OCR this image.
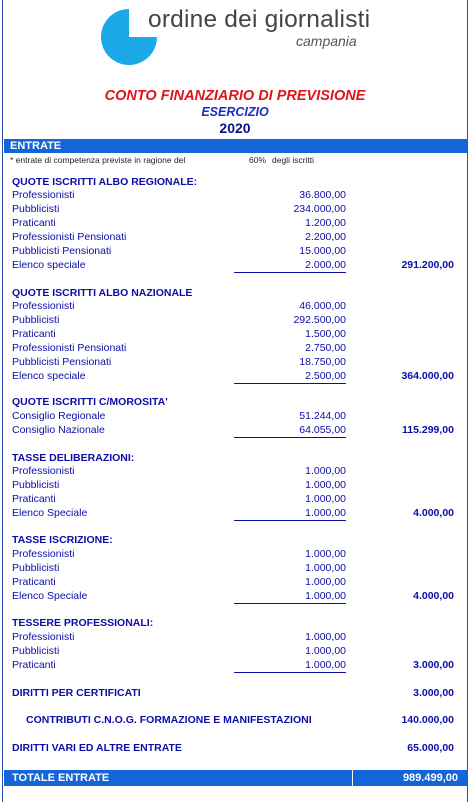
ordine dei giornalisti
campania
CONTO FINANZIARIO DI PREVISIONE
ESERCIZIO
2020
ENTRATE
* entrate di competenza previste in ragione del	60% degli iscritti
QUOTE ISCRITTI ALBO REGIONALE:
Professionisti	36.800,00
Pubblicisti	234.000,00
Praticanti	1.200,00
Professionisti Pensionati	2.200,00
Pubblicisti Pensionati	15.000,00
Elenco speciale	2.000,00	291.200,00
QUOTE ISCRITTI ALBO NAZIONALE
Professionisti	46.000,00
Pubblicisti	292.500,00
Praticanti	1.500,00
Professionisti Pensionati	2.750,00
Pubblicisti Pensionati	18.750,00
Elenco speciale	2.500,00	364.000,00
QUOTE ISCRITTI C/MOROSITA'
Consiglio Regionale	51.244,00
Consiglio Nazionale	64.055,00	115.299,00
TASSE DELIBERAZIONI:
Professionisti	1.000,00
Pubblicisti	1.000,00
Praticanti	1.000,00
Elenco Speciale	1.000,00	4.000,00
TASSE ISCRIZIONE:
Professionisti	1.000,00
Pubblicisti	1.000,00
Praticanti	1.000,00
Elenco Speciale	1.000,00	4.000,00
TESSERE PROFESSIONALI:
Professionisti	1.000,00
Pubblicisti	1.000,00
Praticanti	1.000,00	3.000,00
DIRITTI PER CERTIFICATI	3.000,00
CONTRIBUTI C.N.O.G. FORMAZIONE E MANIFESTAZIONI	140.000,00
DIRITTI VARI ED ALTRE ENTRATE	65.000,00
TOTALE ENTRATE	989.499,00
